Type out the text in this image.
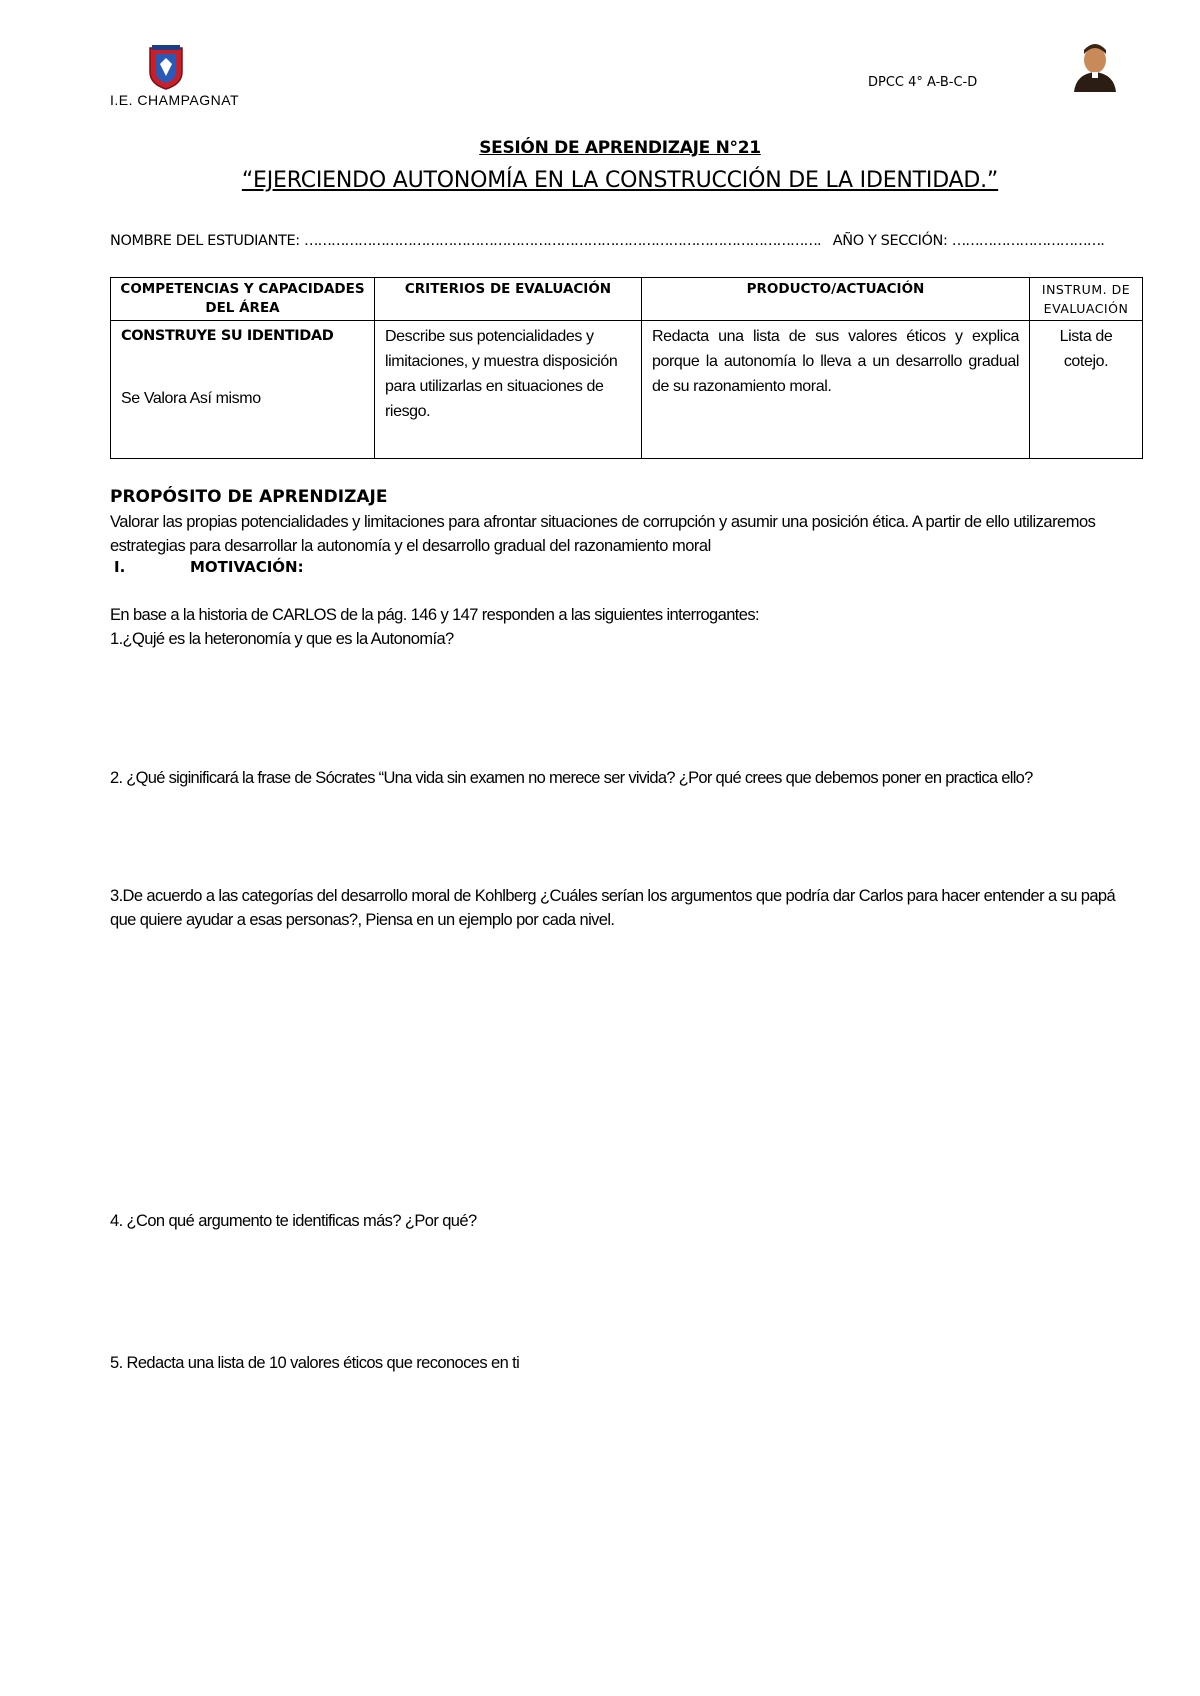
I.E. CHAMPAGNAT
DPCC 4° A-B-C-D
SESIÓN DE APRENDIZAJE N°21
“EJERCIENDO AUTONOMÍA EN LA CONSTRUCCIÓN DE LA IDENTIDAD.”
NOMBRE DEL ESTUDIANTE: ……………………………………………………………………………………………………. AÑO Y SECCIÓN: …………………………….
COMPETENCIAS Y CAPACIDADES DEL ÁREA	CRITERIOS DE EVALUACIÓN	PRODUCTO/ACTUACIÓN	INSTRUM. DE EVALUACIÓN

CONSTRUYE SU IDENTIDAD
Se Valora Así mismo	Describe sus potencialidades y limitaciones, y muestra disposición para utilizarlas en situaciones de riesgo.	Redacta una lista de sus valores éticos y explica porque la autonomía lo lleva a un desarrollo gradual de su razonamiento moral.	Lista de cotejo.
PROPÓSITO DE APRENDIZAJE
Valorar las propias potencialidades y limitaciones para afrontar situaciones de corrupción y asumir una posición ética. A partir de ello utilizaremos estrategias para desarrollar la autonomía y el desarrollo gradual del razonamiento moral
I.	MOTIVACIÓN:
En base a la historia de CARLOS de la pág. 146 y 147 responden a las siguientes interrogantes:
1.¿Qujé es la heteronomía y que es la Autonomía?
2. ¿Qué siginificará la frase de Sócrates “Una vida sin examen no merece ser vivida? ¿Por qué crees que debemos poner en practica ello?
3.De acuerdo a las categorías del desarrollo moral de Kohlberg ¿Cuáles serían los argumentos que podría dar Carlos para hacer entender a su papá que quiere ayudar a esas personas?, Piensa en un ejemplo por cada nivel.
4. ¿Con qué argumento te identificas más? ¿Por qué?
5. Redacta una lista de 10 valores éticos que reconoces en ti
